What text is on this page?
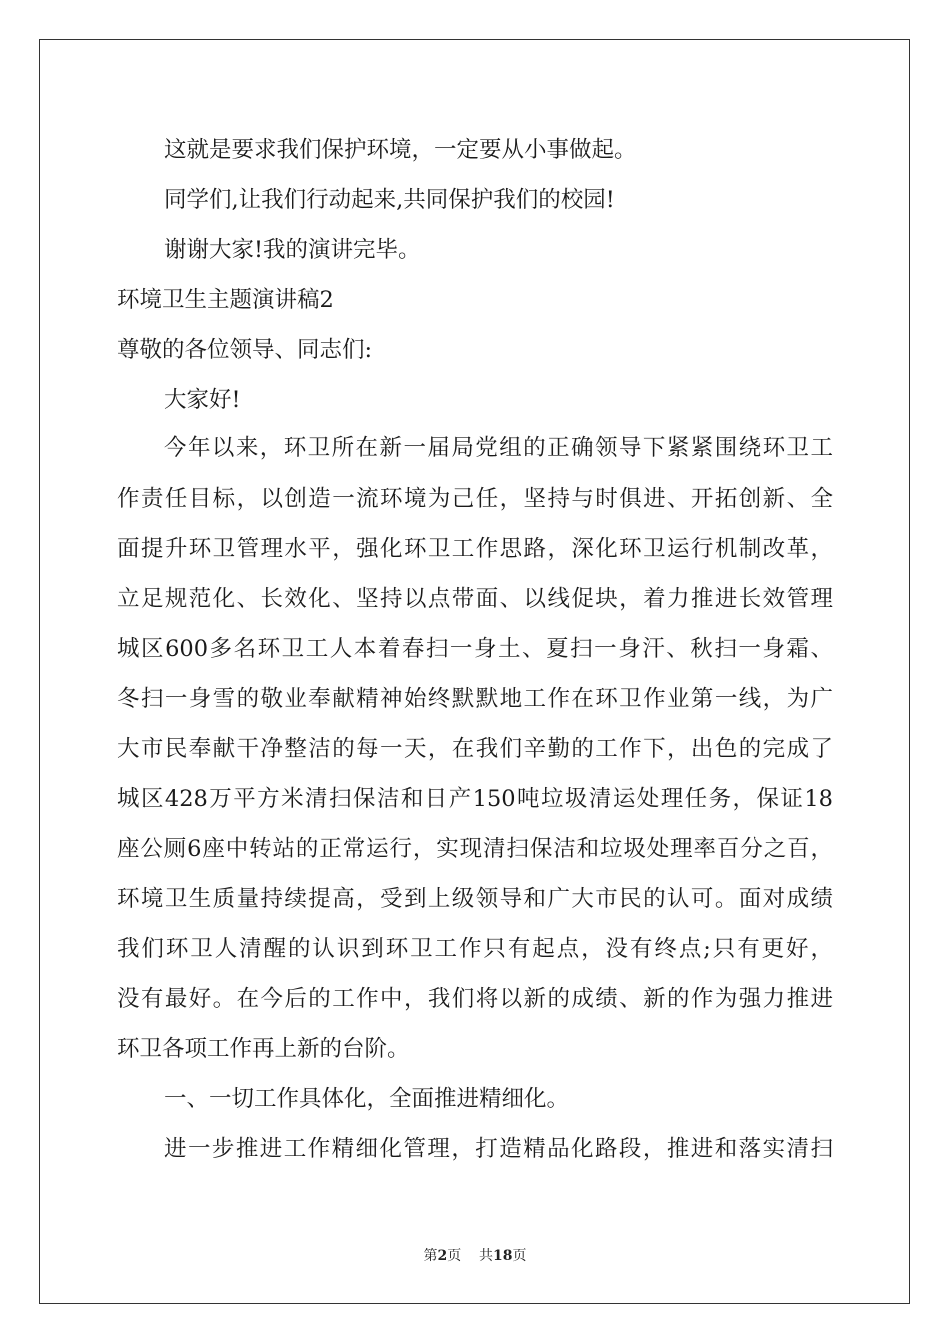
这就是要求我们保护环境，一定要从小事做起。
同学们,让我们行动起来,共同保护我们的校园!
谢谢大家!我的演讲完毕。
环境卫生主题演讲稿2
尊敬的各位领导、同志们:
大家好!
今年以来，环卫所在新一届局党组的正确领导下紧紧围绕环卫工
作责任目标，以创造一流环境为己任，坚持与时俱进、开拓创新、全
面提升环卫管理水平，强化环卫工作思路，深化环卫运行机制改革，
立足规范化、长效化、坚持以点带面、以线促块，着力推进长效管理
城区600多名环卫工人本着春扫一身土、夏扫一身汗、秋扫一身霜、
冬扫一身雪的敬业奉献精神始终默默地工作在环卫作业第一线，为广
大市民奉献干净整洁的每一天，在我们辛勤的工作下，出色的完成了
城区428万平方米清扫保洁和日产150吨垃圾清运处理任务，保证18
座公厕6座中转站的正常运行，实现清扫保洁和垃圾处理率百分之百，
环境卫生质量持续提高，受到上级领导和广大市民的认可。面对成绩
我们环卫人清醒的认识到环卫工作只有起点，没有终点;只有更好，
没有最好。在今后的工作中，我们将以新的成绩、新的作为强力推进
环卫各项工作再上新的台阶。
一、一切工作具体化，全面推进精细化。
进一步推进工作精细化管理，打造精品化路段，推进和落实清扫
第2页 共18页
